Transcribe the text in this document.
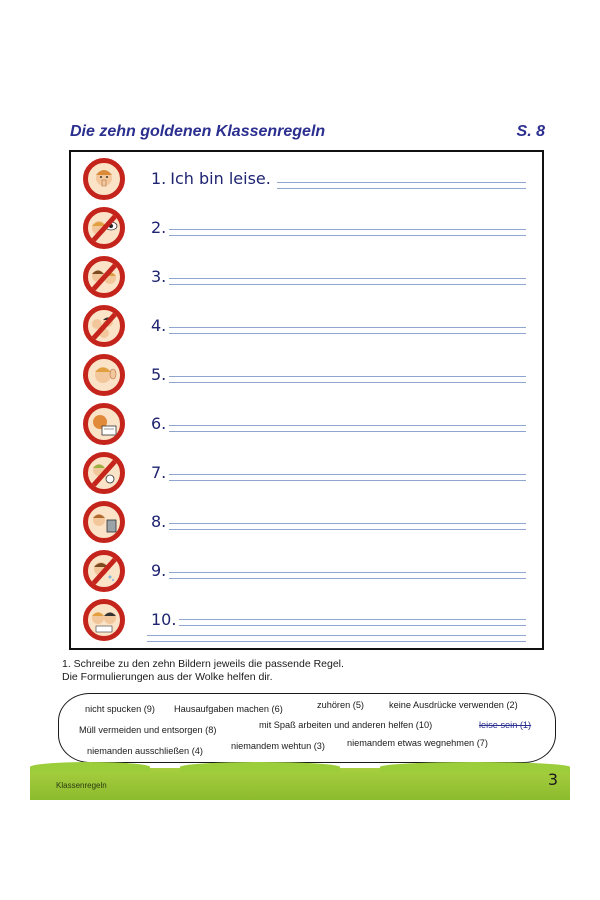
Die zehn goldenen Klassenregeln	S. 8
1. Ich bin leise.
2.
3.
4.
5.
6.
7.
8.
9.
10.
1. Schreibe zu den zehn Bildern jeweils die passende Regel.
Die Formulierungen aus der Wolke helfen dir.
nicht spucken (9) Hausaufgaben machen (6)	zuhören (5)	keine Ausdrücke verwenden (2)
Müll vermeiden und entsorgen (8)	mit Spaß arbeiten und anderen helfen (10)	leise sein (1)
niemanden ausschließen (4)	niemandem wehtun (3) niemandem etwas wegnehmen (7)
Klassenregeln	3
